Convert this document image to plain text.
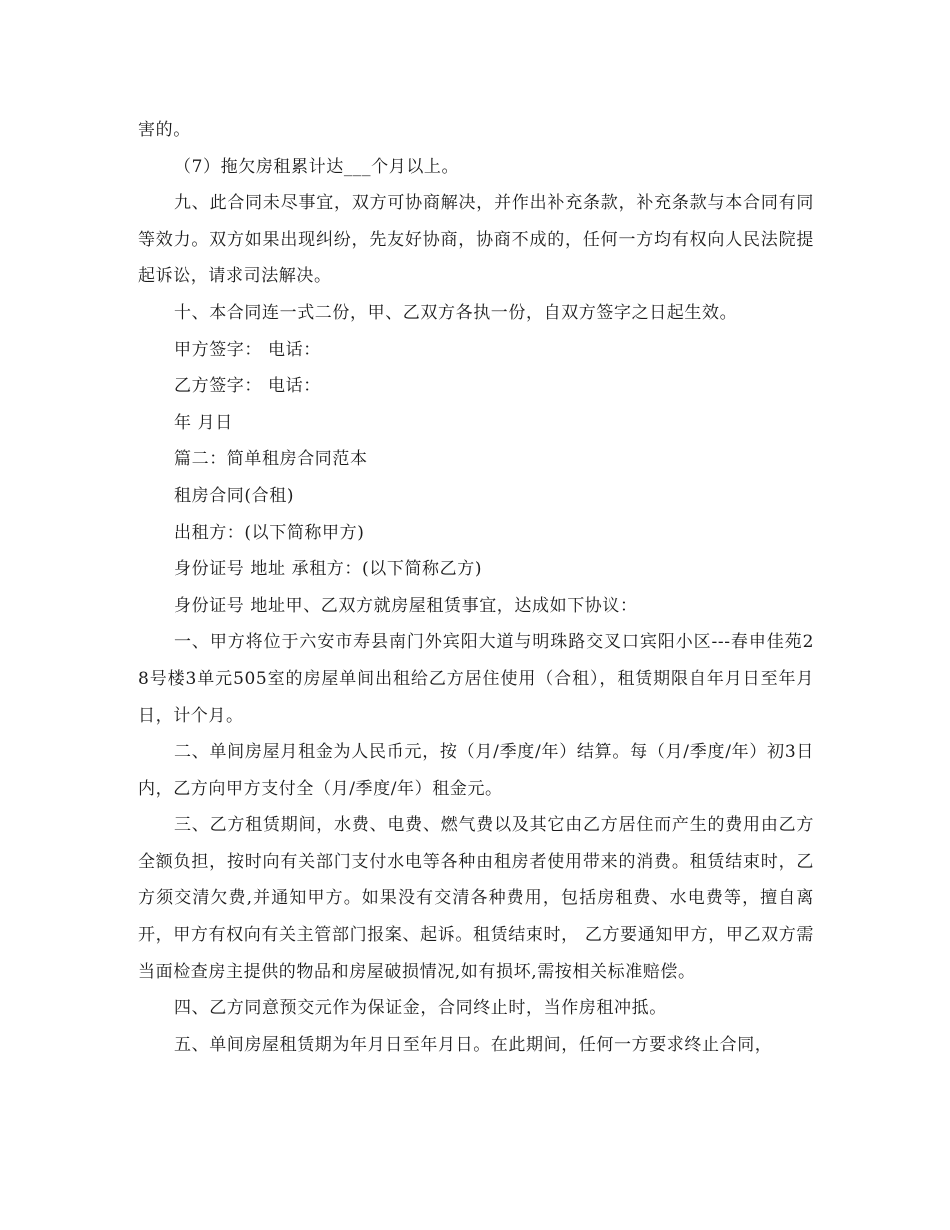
害的。

（7）拖欠房租累计达___个月以上。

九、此合同未尽事宜，双方可协商解决，并作出补充条款，补充条款与本合同有同等效力。双方如果出现纠纷，先友好协商，协商不成的，任何一方均有权向人民法院提起诉讼，请求司法解决。

十、本合同连一式二份，甲、乙双方各执一份，自双方签字之日起生效。

甲方签字： 电话：

乙方签字： 电话：

年 月日

篇二：简单租房合同范本

租房合同(合租)

出租方：(以下简称甲方)

身份证号 地址 承租方：(以下简称乙方)

身份证号 地址甲、乙双方就房屋租赁事宜，达成如下协议：

一、甲方将位于六安市寿县南门外宾阳大道与明珠路交叉口宾阳小区---春申佳苑28号楼3单元505室的房屋单间出租给乙方居住使用（合租），租赁期限自年月日至年月日，计个月。

二、单间房屋月租金为人民币元，按（月/季度/年）结算。每（月/季度/年）初3日内，乙方向甲方支付全（月/季度/年）租金元。

三、乙方租赁期间，水费、电费、燃气费以及其它由乙方居住而产生的费用由乙方全额负担，按时向有关部门支付水电等各种由租房者使用带来的消费。租赁结束时，乙方须交清欠费,并通知甲方。如果没有交清各种费用，包括房租费、水电费等，擅自离开，甲方有权向有关主管部门报案、起诉。租赁结束时， 乙方要通知甲方，甲乙双方需当面检查房主提供的物品和房屋破损情况,如有损坏,需按相关标准赔偿。

四、乙方同意预交元作为保证金，合同终止时，当作房租冲抵。

五、单间房屋租赁期为年月日至年月日。在此期间，任何一方要求终止合同，
